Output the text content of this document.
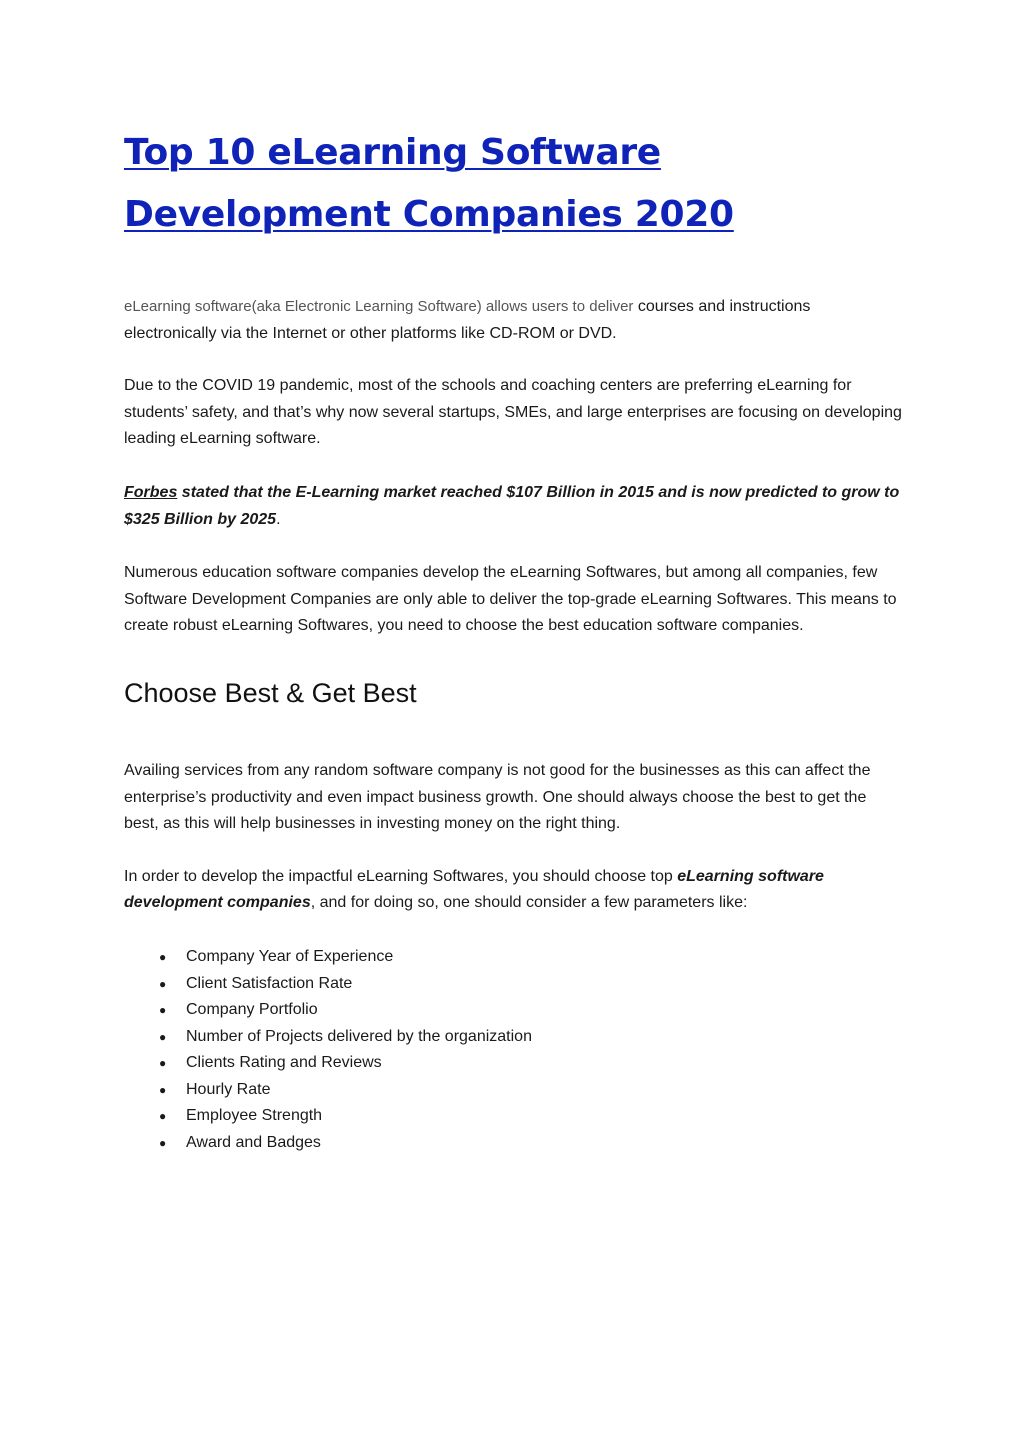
Top 10 eLearning Software Development Companies 2020

eLearning software(aka Electronic Learning Software) allows users to deliver courses and instructions electronically via the Internet or other platforms like CD-ROM or DVD.

Due to the COVID 19 pandemic, most of the schools and coaching centers are preferring eLearning for students’ safety, and that’s why now several startups, SMEs, and large enterprises are focusing on developing leading eLearning software.

Forbes stated that the E-Learning market reached $107 Billion in 2015 and is now predicted to grow to $325 Billion by 2025.

Numerous education software companies develop the eLearning Softwares, but among all companies, few Software Development Companies are only able to deliver the top-grade eLearning Softwares. This means to create robust eLearning Softwares, you need to choose the best education software companies.

Choose Best & Get Best

Availing services from any random software company is not good for the businesses as this can affect the enterprise’s productivity and even impact business growth. One should always choose the best to get the best, as this will help businesses in investing money on the right thing.

In order to develop the impactful eLearning Softwares, you should choose top eLearning software development companies, and for doing so, one should consider a few parameters like:

● Company Year of Experience
● Client Satisfaction Rate
● Company Portfolio
● Number of Projects delivered by the organization
● Clients Rating and Reviews
● Hourly Rate
● Employee Strength
● Award and Badges
